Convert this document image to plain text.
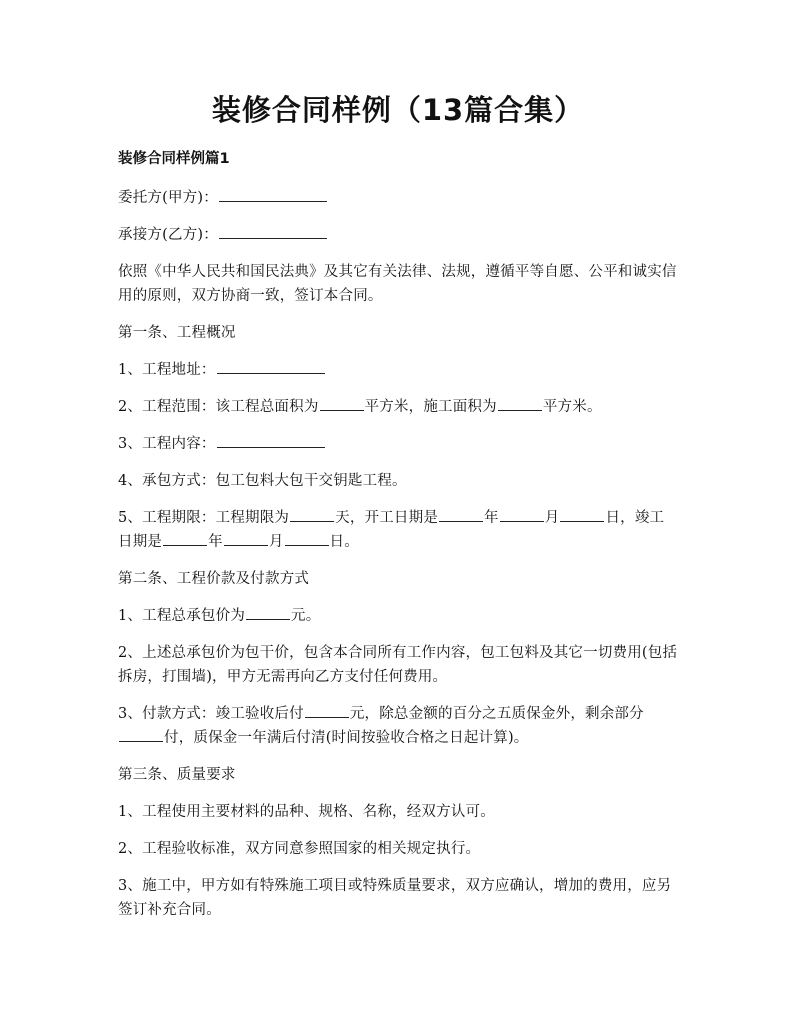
装修合同样例（13篇合集）

装修合同样例篇1

委托方(甲方)：

承接方(乙方)：

依照《中华人民共和国民法典》及其它有关法律、法规，遵循平等自愿、公平和诚实信用的原则，双方协商一致，签订本合同。

第一条、工程概况

1、工程地址：

2、工程范围：该工程总面积为	平方米，施工面积为	平方米。

3、工程内容：

4、承包方式：包工包料大包干交钥匙工程。

5、工程期限：工程期限为	天，开工日期是	年	月	日，竣工日期是	年	月	日。

第二条、工程价款及付款方式

1、工程总承包价为	元。

2、上述总承包价为包干价，包含本合同所有工作内容，包工包料及其它一切费用(包括拆房，打围墙)，甲方无需再向乙方支付任何费用。

3、付款方式：竣工验收后付	元，除总金额的百分之五质保金外，剩余部分付，质保金一年满后付清(时间按验收合格之日起计算)。

第三条、质量要求

1、工程使用主要材料的品种、规格、名称，经双方认可。

2、工程验收标准，双方同意参照国家的相关规定执行。

3、施工中，甲方如有特殊施工项目或特殊质量要求，双方应确认，增加的费用，应另签订补充合同。
